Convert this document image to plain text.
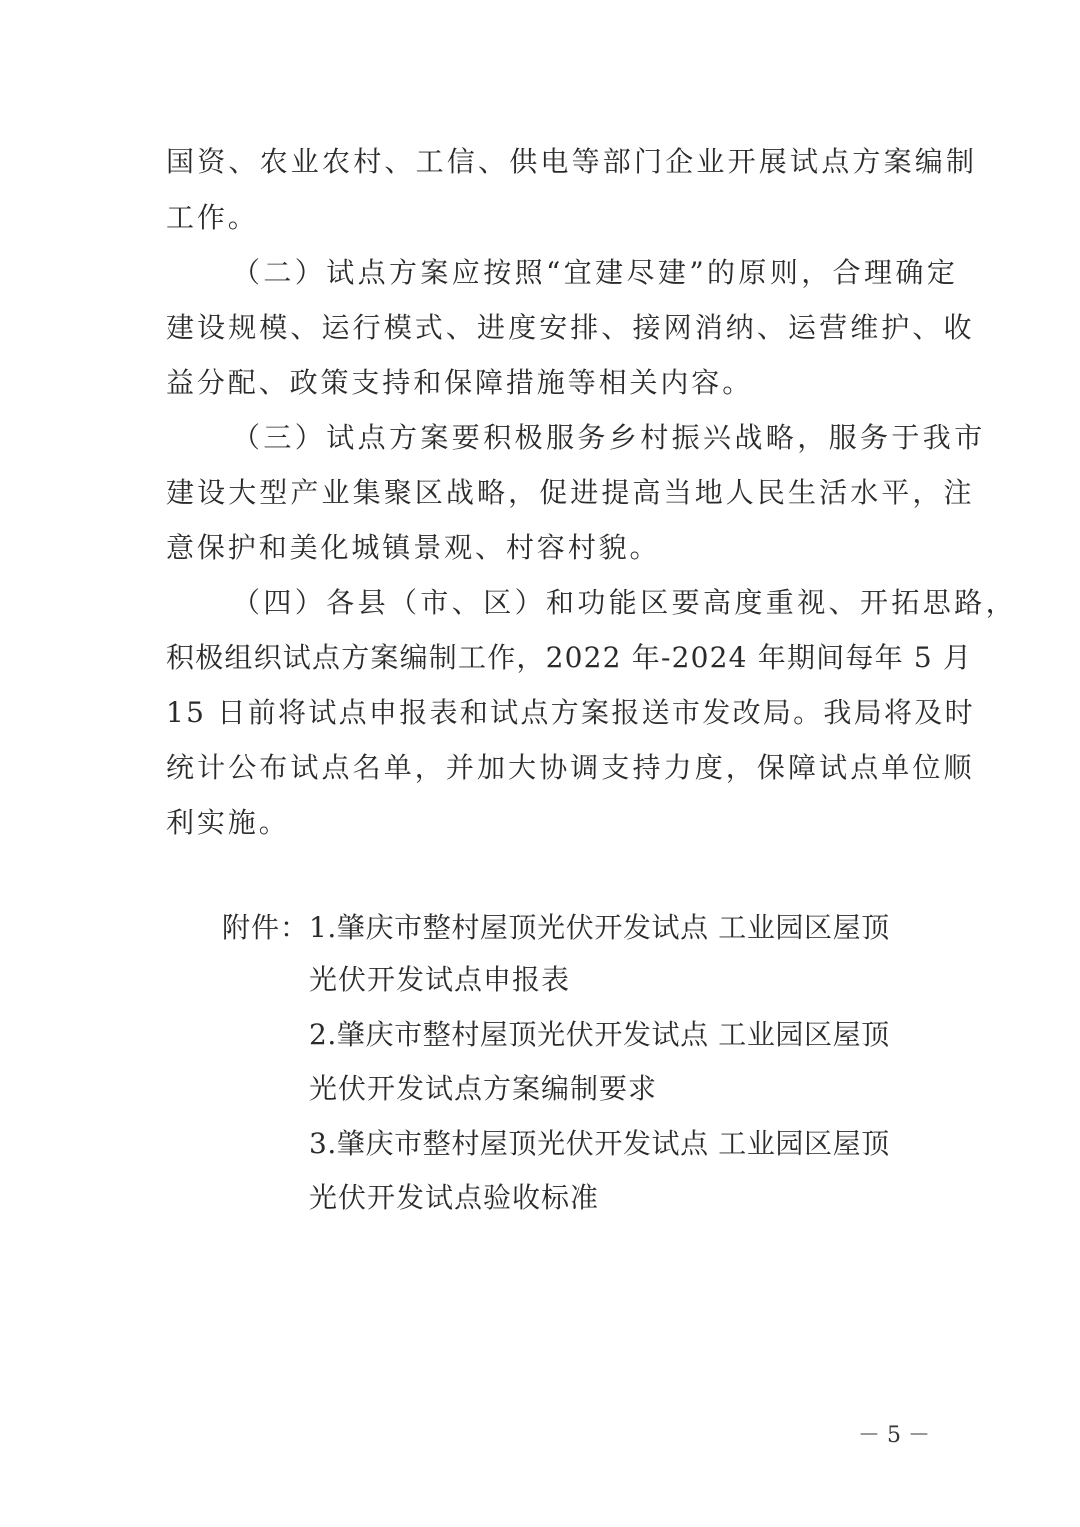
国资、农业农村、工信、供电等部门企业开展试点方案编制
工作。
（二）试点方案应按照“宜建尽建”的原则，合理确定
建设规模、运行模式、进度安排、接网消纳、运营维护、收
益分配、政策支持和保障措施等相关内容。
（三）试点方案要积极服务乡村振兴战略，服务于我市
建设大型产业集聚区战略，促进提高当地人民生活水平，注
意保护和美化城镇景观、村容村貌。
（四）各县（市、区）和功能区要高度重视、开拓思路，
积极组织试点方案编制工作，2022 年-2024 年期间每年 5 月
15 日前将试点申报表和试点方案报送市发改局。我局将及时
统计公布试点名单，并加大协调支持力度，保障试点单位顺
利实施。
附件： 1.肇庆市整村屋顶光伏开发试点 工业园区屋顶
光伏开发试点申报表
2.肇庆市整村屋顶光伏开发试点 工业园区屋顶
光伏开发试点方案编制要求
3.肇庆市整村屋顶光伏开发试点 工业园区屋顶
光伏开发试点验收标准
－ 5 －
